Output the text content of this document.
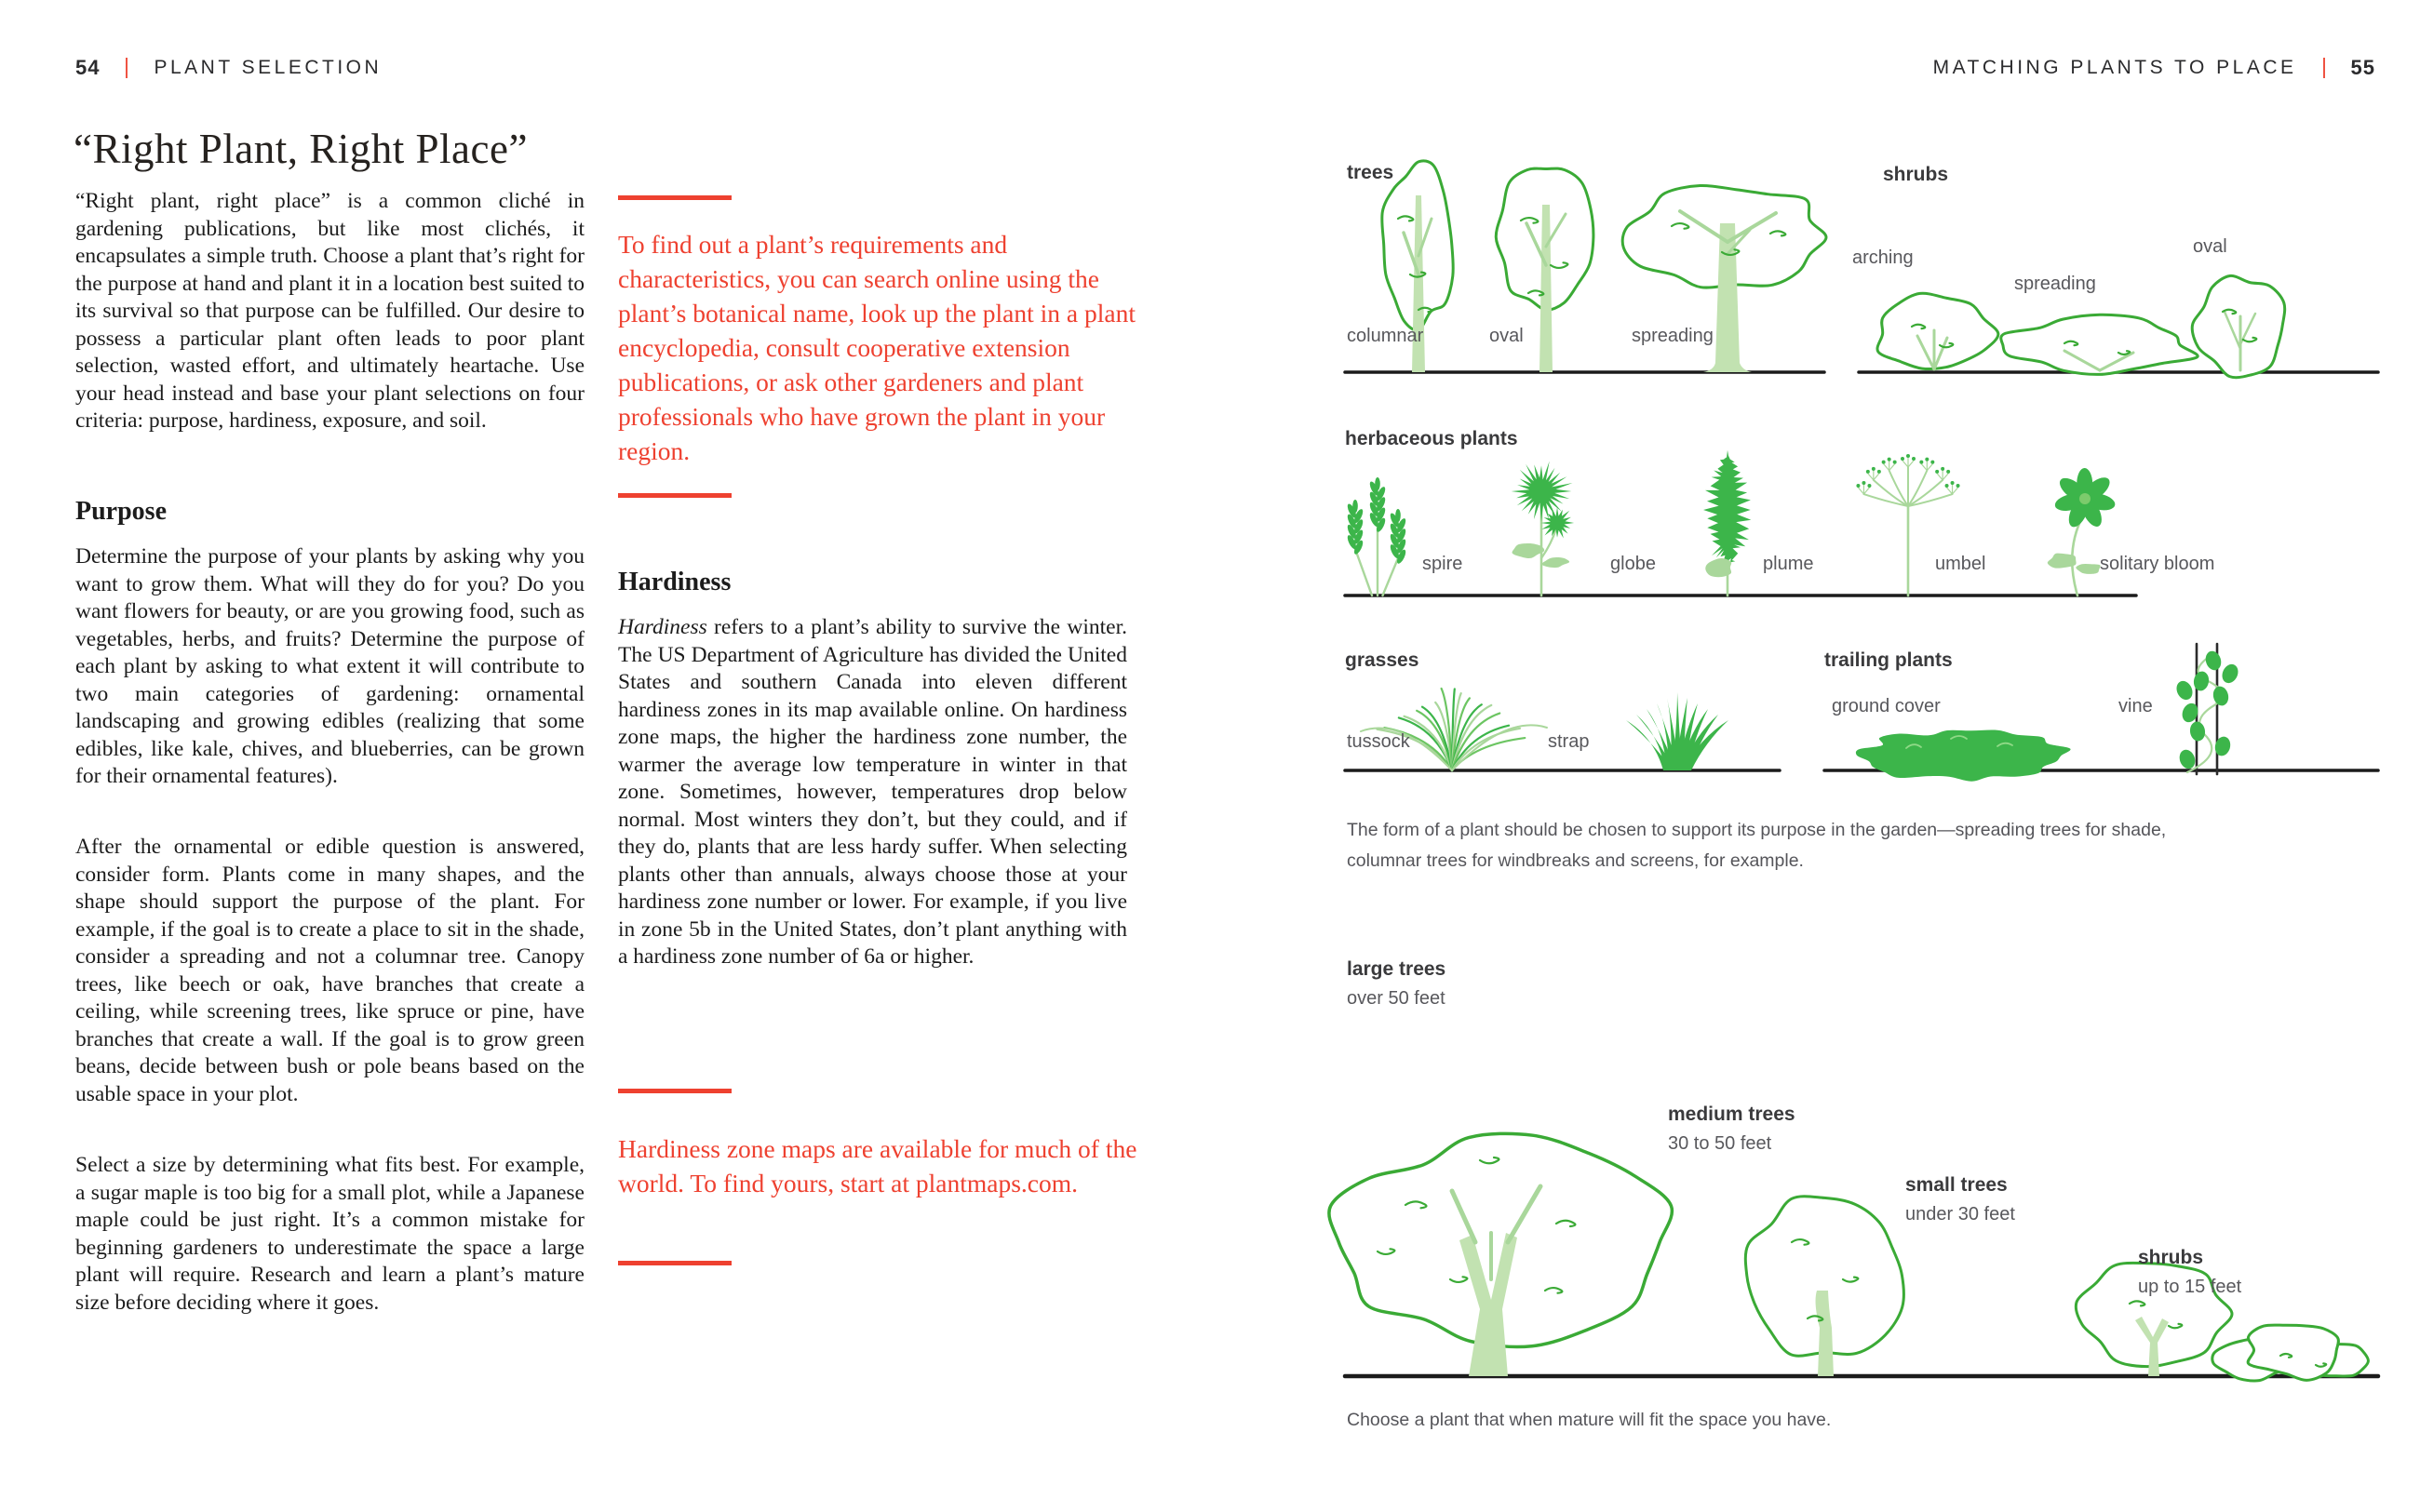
54	PLANT SELECTION
“Right Plant, Right Place”

“Right plant, right place” is a common cliché in gardening publications, but like most clichés, it encapsulates a simple truth. Choose a plant that’s right for the purpose at hand and plant it in a location best suited to its survival so that purpose can be fulfilled. Our desire to possess a particular plant often leads to poor plant selection, wasted effort, and ultimately heartache. Use your head instead and base your plant selections on four criteria: purpose, hardiness, exposure, and soil.

Purpose

Determine the purpose of your plants by asking why you want to grow them. What will they do for you? Do you want flowers for beauty, or are you growing food, such as vegetables, herbs, and fruits? Determine the purpose of each plant by asking to what extent it will contribute to two main categories of gardening: ornamental landscaping and growing edibles (realizing that some edibles, like kale, chives, and blueberries, can be grown for their ornamental features).

After the ornamental or edible question is answered, consider form. Plants come in many shapes, and the shape should support the purpose of the plant. For example, if the goal is to create a place to sit in the shade, consider a spreading and not a columnar tree. Canopy trees, like beech or oak, have branches that create a ceiling, while screening trees, like spruce or pine, have branches that create a wall. If the goal is to grow green beans, decide between bush or pole beans based on the usable space in your plot.

Select a size by determining what fits best. For example, a sugar maple is too big for a small plot, while a Japanese maple could be just right. It’s a common mistake for beginning gardeners to underestimate the space a large plant will require. Research and learn a plant’s mature size before deciding where it goes.

To find out a plant’s requirements and characteristics, you can search online using the plant’s botanical name, look up the plant in a plant encyclopedia, consult cooperative extension publications, or ask other gardeners and plant professionals who have grown the plant in your region.

Hardiness

Hardiness refers to a plant’s ability to survive the winter. The US Department of Agriculture has divided the United States and southern Canada into eleven different hardiness zones in its map available online. On hardiness zone maps, the higher the hardiness zone number, the warmer the average low temperature in winter in that zone. Sometimes, however, temperatures drop below normal. Most winters they don’t, but they could, and if they do, plants that are less hardy suffer. When selecting plants other than annuals, always choose those at your hardiness zone number or lower. For example, if you live in zone 5b in the United States, don’t plant anything with a hardiness zone number of 6a or higher.

Hardiness zone maps are available for much of the world. To find yours, start at plantmaps.com.

MATCHING PLANTS TO PLACE	55
trees
columnar	oval	spreading
shrubs
arching
spreading
oval
herbaceous plants
spire	globe	plume	umbel	solitary bloom
grasses
tussock	strap
trailing plants
ground cover	vine
The form of a plant should be chosen to support its purpose in the garden—spreading trees for shade, columnar trees for windbreaks and screens, for example.
large trees
over 50 feet
medium trees
30 to 50 feet
small trees
under 30 feet
shrubs
up to 15 feet
Choose a plant that when mature will fit the space you have.
